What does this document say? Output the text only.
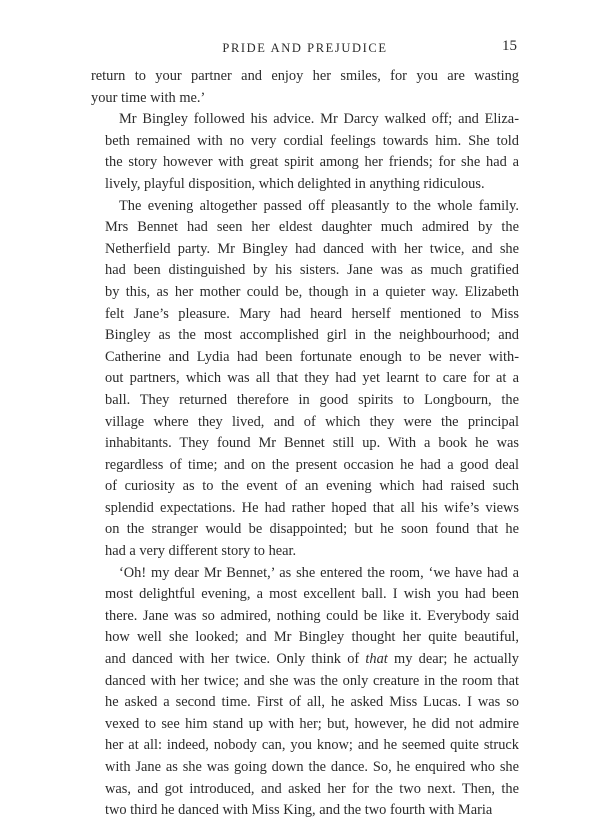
PRIDE AND PREJUDICE	15

return to your partner and enjoy her smiles, for you are wasting
your time with me.’

Mr Bingley followed his advice. Mr Darcy walked off; and Eliza-
beth remained with no very cordial feelings towards him. She told
the story however with great spirit among her friends; for she had a
lively, playful disposition, which delighted in anything ridiculous.

The evening altogether passed off pleasantly to the whole family.
Mrs Bennet had seen her eldest daughter much admired by the
Netherfield party. Mr Bingley had danced with her twice, and she
had been distinguished by his sisters. Jane was as much gratified
by this, as her mother could be, though in a quieter way. Elizabeth
felt Jane’s pleasure. Mary had heard herself mentioned to Miss
Bingley as the most accomplished girl in the neighbourhood; and
Catherine and Lydia had been fortunate enough to be never with-
out partners, which was all that they had yet learnt to care for at a
ball. They returned therefore in good spirits to Longbourn, the
village where they lived, and of which they were the principal
inhabitants. They found Mr Bennet still up. With a book he was
regardless of time; and on the present occasion he had a good deal
of curiosity as to the event of an evening which had raised such
splendid expectations. He had rather hoped that all his wife’s views
on the stranger would be disappointed; but he soon found that he
had a very different story to hear.

‘Oh! my dear Mr Bennet,’ as she entered the room, ‘we have had a
most delightful evening, a most excellent ball. I wish you had been
there. Jane was so admired, nothing could be like it. Everybody said
how well she looked; and Mr Bingley thought her quite beautiful,
and danced with her twice. Only think of that my dear; he actually
danced with her twice; and she was the only creature in the room that
he asked a second time. First of all, he asked Miss Lucas. I was so
vexed to see him stand up with her; but, however, he did not admire
her at all: indeed, nobody can, you know; and he seemed quite struck
with Jane as she was going down the dance. So, he enquired who she
was, and got introduced, and asked her for the two next. Then, the
two third he danced with Miss King, and the two fourth with Maria
